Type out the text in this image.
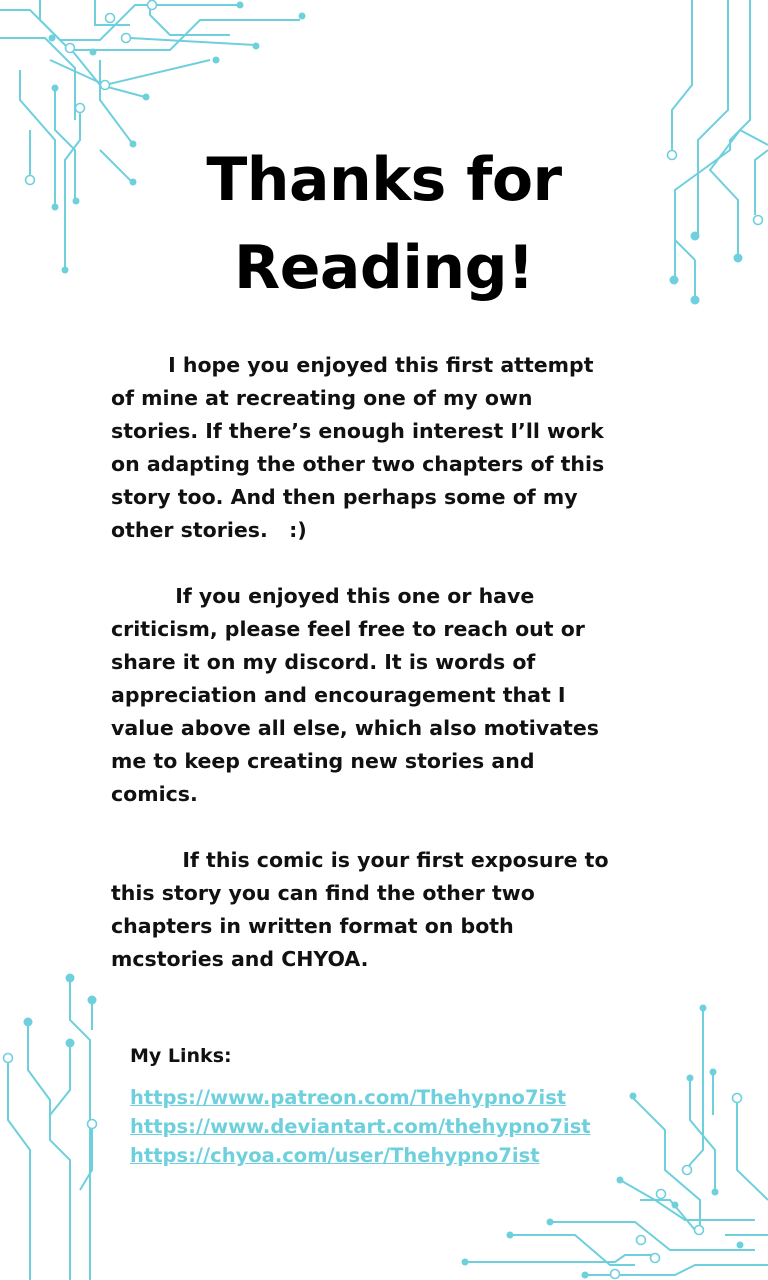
Thanks for
Reading!
I hope you enjoyed this first attempt
of mine at recreating one of my own
stories. If there’s enough interest I’ll work
on adapting the other two chapters of this
story too. And then perhaps some of my
other stories.   :)
If you enjoyed this one or have
criticism, please feel free to reach out or
share it on my discord. It is words of
appreciation and encouragement that I
value above all else, which also motivates
me to keep creating new stories and
comics.
If this comic is your first exposure to
this story you can find the other two
chapters in written format on both
mcstories and CHYOA.
My Links:
https://www.patreon.com/Thehypno7ist
https://www.deviantart.com/thehypno7ist
https://chyoa.com/user/Thehypno7ist
